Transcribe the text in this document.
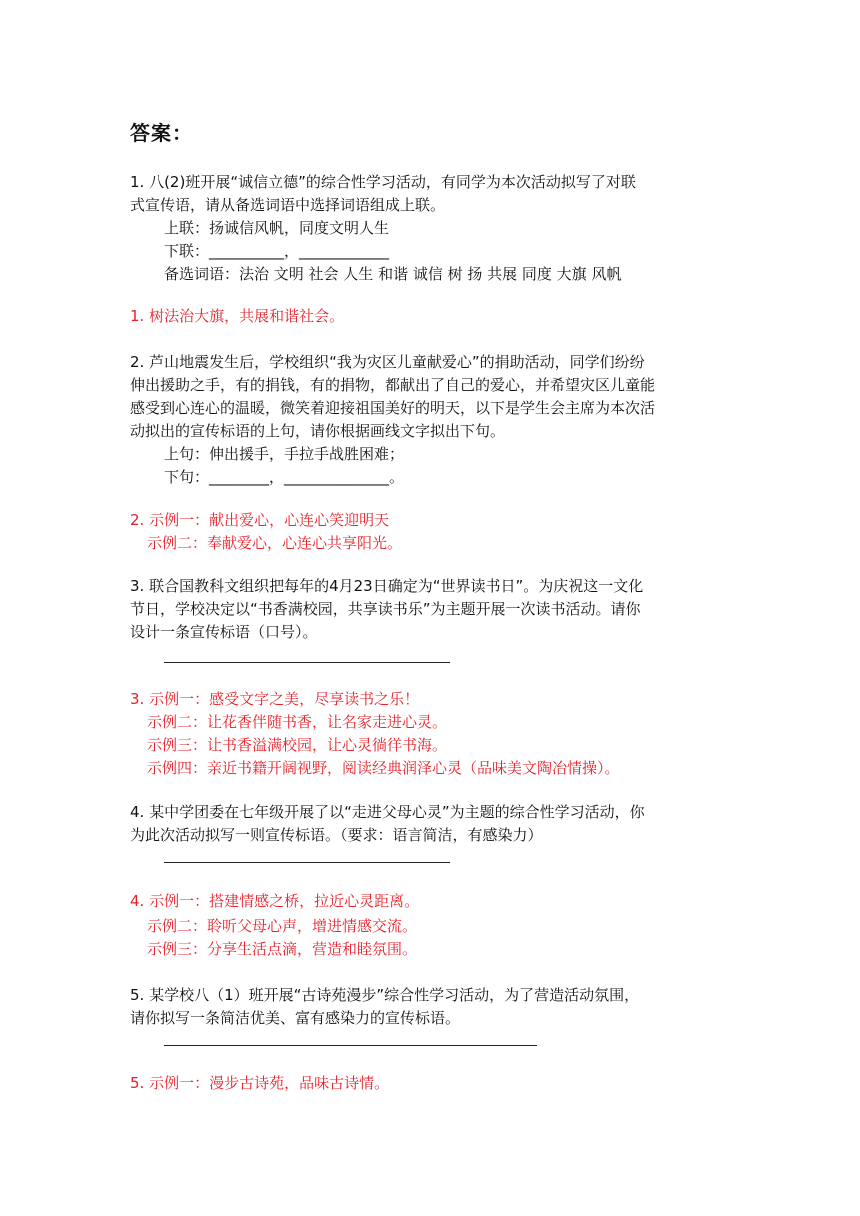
答案：
1. 八(2)班开展“诚信立德”的综合性学习活动，有同学为本次活动拟写了对联
式宣传语，请从备选词语中选择词语组成上联。
上联：扬诚信风帆，同度文明人生
下联：__________，____________
备选词语：法治 文明 社会 人生 和谐 诚信 树 扬 共展 同度 大旗 风帆
1. 树法治大旗，共展和谐社会。
2. 芦山地震发生后，学校组织“我为灾区儿童献爱心”的捐助活动，同学们纷纷
伸出援助之手，有的捐钱，有的捐物，都献出了自己的爱心，并希望灾区儿童能
感受到心连心的温暖，微笑着迎接祖国美好的明天，以下是学生会主席为本次活
动拟出的宣传标语的上句，请你根据画线文字拟出下句。
上句：伸出援手，手拉手战胜困难；
下句：________，______________。
2. 示例一：献出爱心，心连心笑迎明天
示例二：奉献爱心，心连心共享阳光。
3. 联合国教科文组织把每年的4月23日确定为“世界读书日”。为庆祝这一文化
节日，学校决定以“书香满校园，共享读书乐”为主题开展一次读书活动。请你
设计一条宣传标语（口号）。
3. 示例一：感受文字之美，尽享读书之乐！
示例二：让花香伴随书香，让名家走进心灵。
示例三：让书香溢满校园，让心灵徜徉书海。
示例四：亲近书籍开阔视野，阅读经典润泽心灵（品味美文陶冶情操）。
4. 某中学团委在七年级开展了以“走进父母心灵”为主题的综合性学习活动，你
为此次活动拟写一则宣传标语。（要求：语言简洁，有感染力）
4. 示例一：搭建情感之桥，拉近心灵距离。
示例二：聆听父母心声，增进情感交流。
示例三：分享生活点滴，营造和睦氛围。
5. 某学校八（1）班开展“古诗苑漫步”综合性学习活动，为了营造活动氛围，
请你拟写一条简洁优美、富有感染力的宣传标语。
5. 示例一：漫步古诗苑，品味古诗情。
